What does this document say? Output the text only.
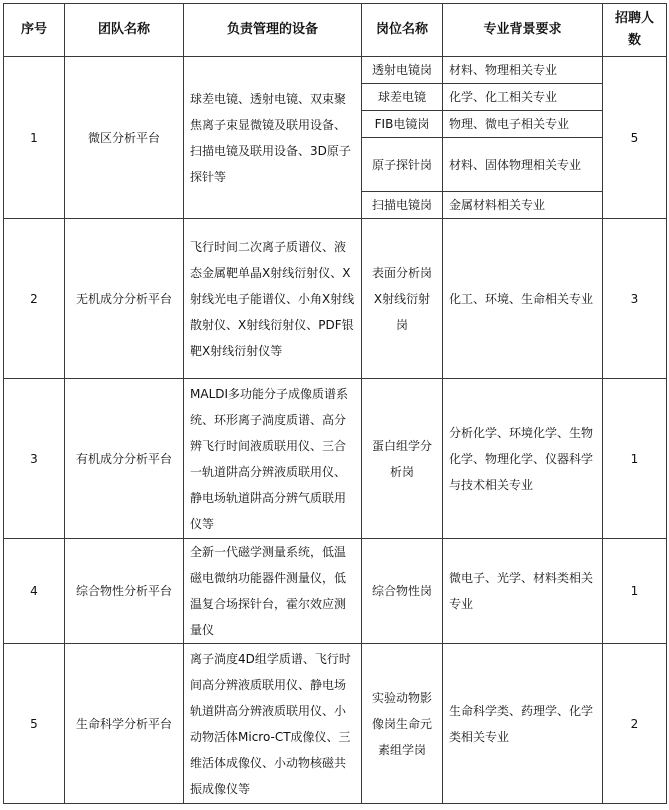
序号	团队名称	负责管理的设备	岗位名称	专业背景要求	招聘人数
1	微区分析平台	球差电镜、透射电镜、双束聚焦离子束显微镜及联用设备、扫描电镜及联用设备、3D原子探针等	透射电镜岗	材料、物理相关专业	5
			球差电镜	化学、化工相关专业	
			FIB电镜岗	物理、微电子相关专业	
			原子探针岗	材料、固体物理相关专业	
			扫描电镜岗	金属材料相关专业	
2	无机成分分析平台	飞行时间二次离子质谱仪、液态金属靶单晶X射线衍射仪、X射线光电子能谱仪、小角X射线散射仪、X射线衍射仪、PDF银靶X射线衍射仪等	表面分析岗X射线衍射岗	化工、环境、生命相关专业	3
3	有机成分分析平台	MALDI多功能分子成像质谱系统、环形离子淌度质谱、高分辨飞行时间液质联用仪、三合一轨道阱高分辨液质联用仪、静电场轨道阱高分辨气质联用仪等	蛋白组学分析岗	分析化学、环境化学、生物化学、物理化学、仪器科学与技术相关专业	1
4	综合物性分析平台	全新一代磁学测量系统，低温磁电微纳功能器件测量仪，低温复合场探针台，霍尔效应测量仪	综合物性岗	微电子、光学、材料类相关专业	1
5	生命科学分析平台	离子淌度4D组学质谱、飞行时间高分辨液质联用仪、静电场轨道阱高分辨液质联用仪、小动物活体Micro-CT成像仪、三维活体成像仪、小动物核磁共振成像仪等	实验动物影像岗生命元素组学岗	生命科学类、药理学、化学类相关专业	2
